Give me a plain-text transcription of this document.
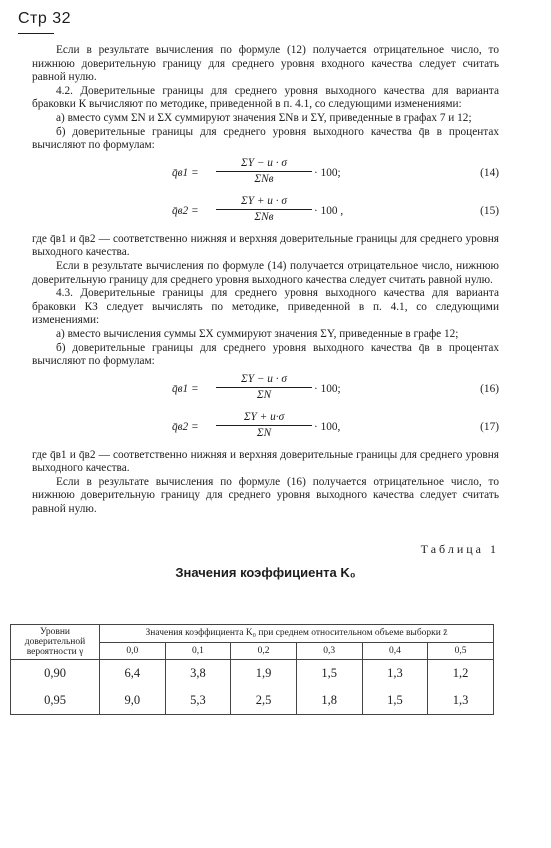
Стр 32

Если в результате вычисления по формуле (12) получается отрицательное число, то нижнюю доверительную границу для среднего уровня входного качества следует считать равной нулю.

4.2. Доверительные границы для среднего уровня выходного качества для варианта браковки К вычисляют по методике, приведенной в п. 4.1, со следующими изменениями:

а) вместо сумм ΣN и ΣX суммируют значения ΣNв и ΣY, приведенные в графах 7 и 12;

б) доверительные границы для среднего уровня выходного качества q̄в в процентах вычисляют по формулам:

q̄в1 =
ΣY − u · σ
ΣNв
· 100;	(14)
q̄в2 =
ΣY + u · σ
ΣNв
· 100 ,	(15)

где q̄в1 и q̄в2 — соответственно нижняя и верхняя доверительные границы для среднего уровня выходного качества.

Если в результате вычисления по формуле (14) получается отрицательное число, нижнюю доверительную границу для среднего уровня выходного качества следует считать равной нулю.

4.3. Доверительные границы для среднего уровня выходного качества для варианта браковки КЗ следует вычислять по методике, приведенной в п. 4.1, со следующими изменениями:

а) вместо вычисления суммы ΣX суммируют значения ΣY, приведенные в графе 12;

б) доверительные границы для среднего уровня выходного качества q̄в в процентах вычисляют по формулам:

q̄в1 = $\frac{\Sigma Y - u \cdot \sigma}{\Sigma N} \cdot 100$;	(16)
q̄в2 = $\frac{\Sigma Y + u\cdot\sigma}{\Sigma N} \cdot 100$,	(17)

где q̄в1 и q̄в2 — соответственно нижняя и верхняя доверительные границы для среднего уровня выходного качества.

Если в результате вычисления по формуле (16) получается отрицательное число, то нижнюю доверительную границу для среднего уровня выходного качества следует считать равной нулю.

Таблица 1
Значения коэффициента K₀
Уровни доверительной вероятности γ	Значения коэффициента K₀ при среднем относительном объеме выборки z̄					
	0,0	0,1	0,2	0,3	0,4	0,5
0,90	6,4	3,8	1,9	1,5	1,3	1,2
0,95	9,0	5,3	2,5	1,8	1,5	1,3
